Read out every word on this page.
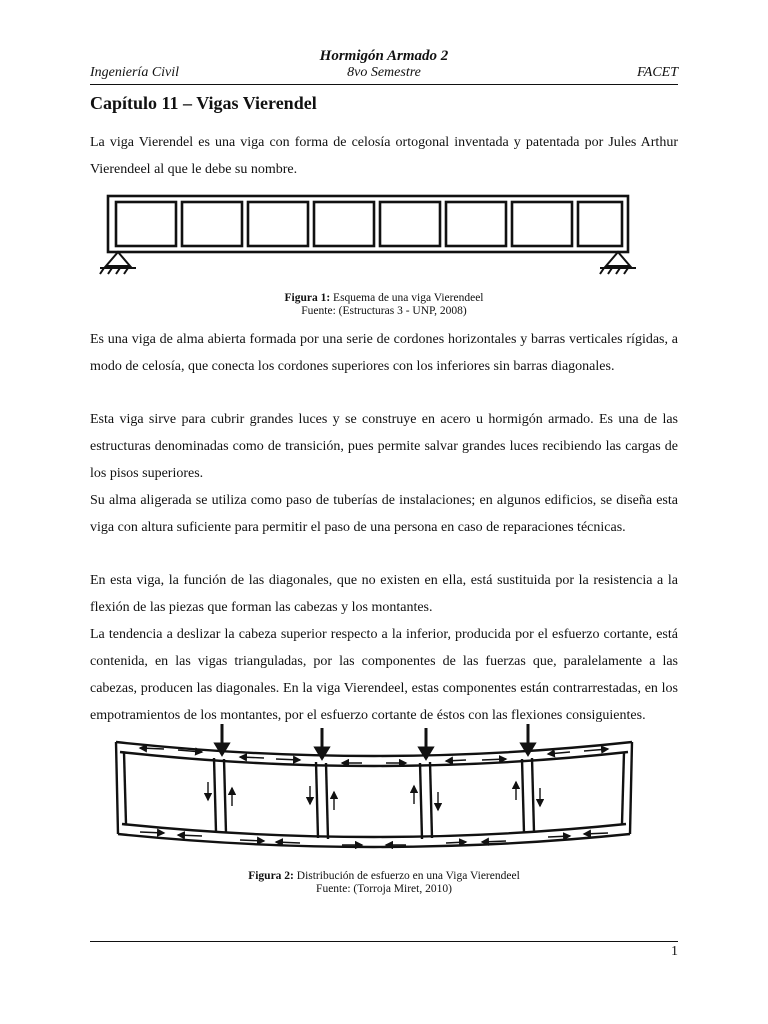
Hormigón Armado 2
Ingeniería Civil	8vo Semestre	FACET
Capítulo 11 – Vigas Vierendel

La viga Vierendel es una viga con forma de celosía ortogonal inventada y patentada por Jules Arthur Vierendeel al que le debe su nombre.

Figura 1: Esquema de una viga Vierendeel
Fuente: (Estructuras 3 - UNP, 2008)

Es una viga de alma abierta formada por una serie de cordones horizontales y barras verticales rígidas, a modo de celosía, que conecta los cordones superiores con los inferiores sin barras diagonales.

Esta viga sirve para cubrir grandes luces y se construye en acero u hormigón armado. Es una de las estructuras denominadas como de transición, pues permite salvar grandes luces recibiendo las cargas de los pisos superiores.

Su alma aligerada se utiliza como paso de tuberías de instalaciones; en algunos edificios, se diseña esta viga con altura suficiente para permitir el paso de una persona en caso de reparaciones técnicas.

En esta viga, la función de las diagonales, que no existen en ella, está sustituida por la resistencia a la flexión de las piezas que forman las cabezas y los montantes.

La tendencia a deslizar la cabeza superior respecto a la inferior, producida por el esfuerzo cortante, está contenida, en las vigas trianguladas, por las componentes de las fuerzas que, paralelamente a las cabezas, producen las diagonales. En la viga Vierendeel, estas componentes están contrarrestadas, en los empotramientos de los montantes, por el esfuerzo cortante de éstos con las flexiones consiguientes.

Figura 2: Distribución de esfuerzo en una Viga Vierendeel
Fuente: (Torroja Miret, 2010)
1
